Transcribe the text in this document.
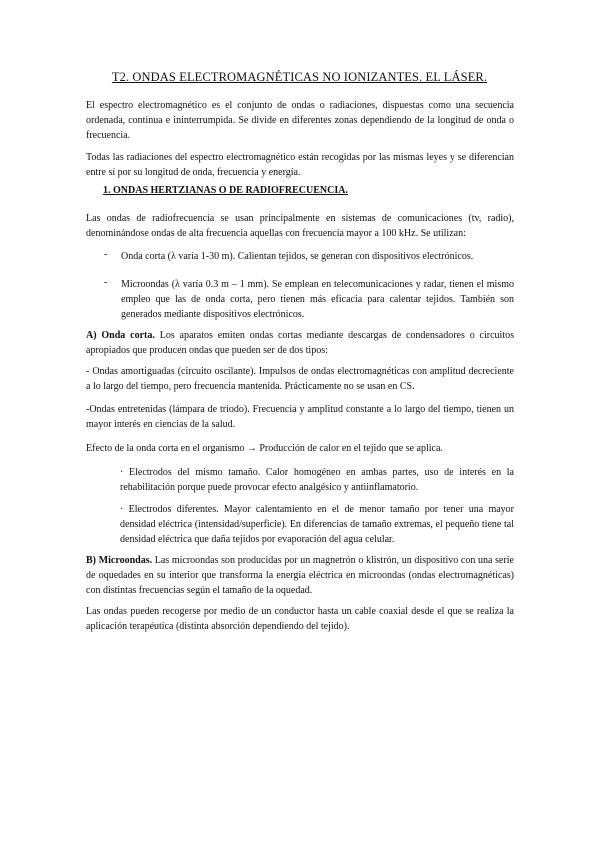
T2. ONDAS ELECTROMAGNÉTICAS NO IONIZANTES. EL LÁSER.

El espectro electromagnético es el conjunto de ondas o radiaciones, dispuestas como una secuencia ordenada, continua e ininterrumpida. Se divide en diferentes zonas dependiendo de la longitud de onda o frecuencia.

Todas las radiaciones del espectro electromagnético están recogidas por las mismas leyes y se diferencian entre sí por su longitud de onda, frecuencia y energía.

1. ONDAS HERTZIANAS O DE RADIOFRECUENCIA.

Las ondas de radiofrecuencia se usan principalmente en sistemas de comunicaciones (tv, radio), denominándose ondas de alta frecuencia aquellas con frecuencia mayor a 100 kHz. Se utilizan:

- Onda corta (λ varía 1-30 m). Calientan tejidos, se generan con dispositivos electrónicos.

- Microondas (λ varía 0.3 m – 1 mm). Se emplean en telecomunicaciones y radar, tienen el mismo empleo que las de onda corta, pero tienen más eficacia para calentar tejidos. También son generados mediante dispositivos electrónicos.

A) Onda corta. Los aparatos emiten ondas cortas mediante descargas de condensadores o circuitos apropiados que producen ondas que pueden ser de dos tipos:

- Ondas amortiguadas (circuito oscilante). Impulsos de ondas electromagnéticas con amplitud decreciente a lo largo del tiempo, pero frecuencia mantenida. Prácticamente no se usan en CS.

-Ondas entretenidas (lámpara de triodo). Frecuencia y amplitud constante a lo largo del tiempo, tienen un mayor interés en ciencias de la salud.

Efecto de la onda corta en el organismo → Producción de calor en el tejido que se aplica.

· Electrodos del mismo tamaño. Calor homogéneo en ambas partes, uso de interés en la rehabilitación porque puede provocar efecto analgésico y antiinflamatorio.

· Electrodos diferentes. Mayor calentamiento en el de menor tamaño por tener una mayor densidad eléctrica (intensidad/superficie). En diferencias de tamaño extremas, el pequeño tiene tal densidad eléctrica que daña tejidos por evaporación del agua celular.

B) Microondas. Las microondas son producidas por un magnetrón o klistrón, un dispositivo con una serie de oquedades en su interior que transforma la energía eléctrica en microondas (ondas electromagnéticas) con distintas frecuencias según el tamaño de la oquedad.

Las ondas pueden recogerse por medio de un conductor hasta un cable coaxial desde el que se realiza la aplicación terapéutica (distinta absorción dependiendo del tejido).
